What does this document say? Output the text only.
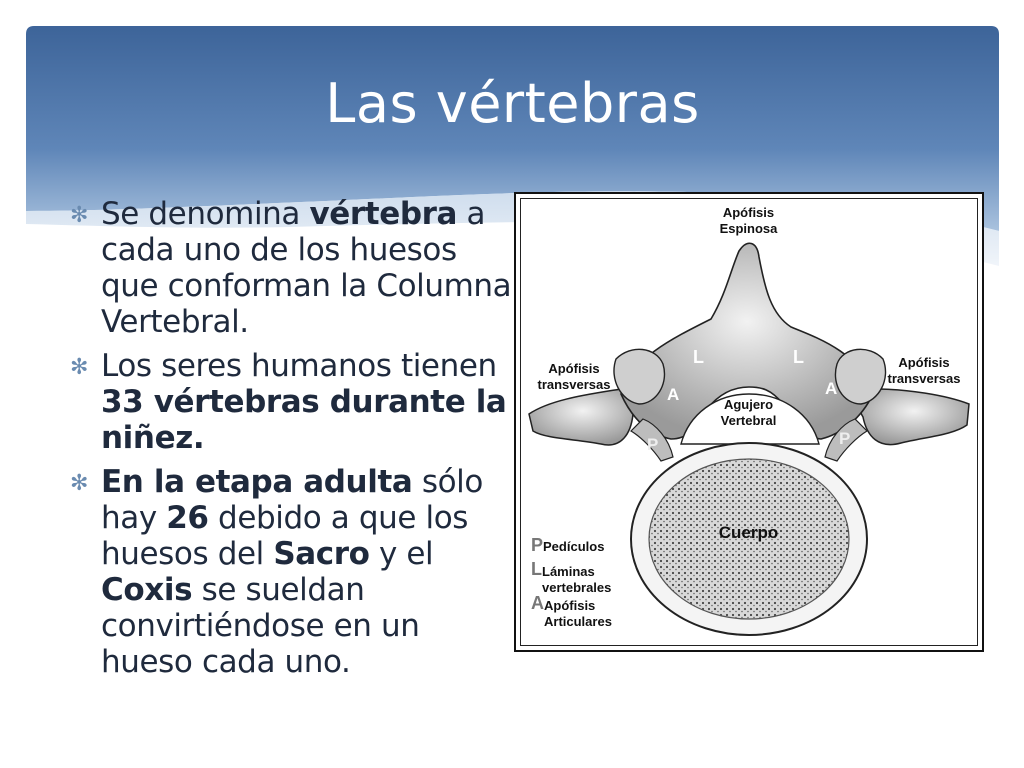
Las vértebras
✻ Se denomina vértebra a cada uno de los huesos que conforman la Columna Vertebral.
✻ Los seres humanos tienen 33 vértebras durante la niñez.
✻ En la etapa adulta sólo hay 26 debido a que los huesos del Sacro y el Coxis se sueldan convirtiéndose en un hueso cada uno.
Apófisis
Espinosa
Apófisis
transversas
Apófisis
transversas
Agujero
Vertebral
Cuerpo
L	L
A	A
P	P
PPedículos
LLáminas
vertebrales
AApófisis
Articulares
